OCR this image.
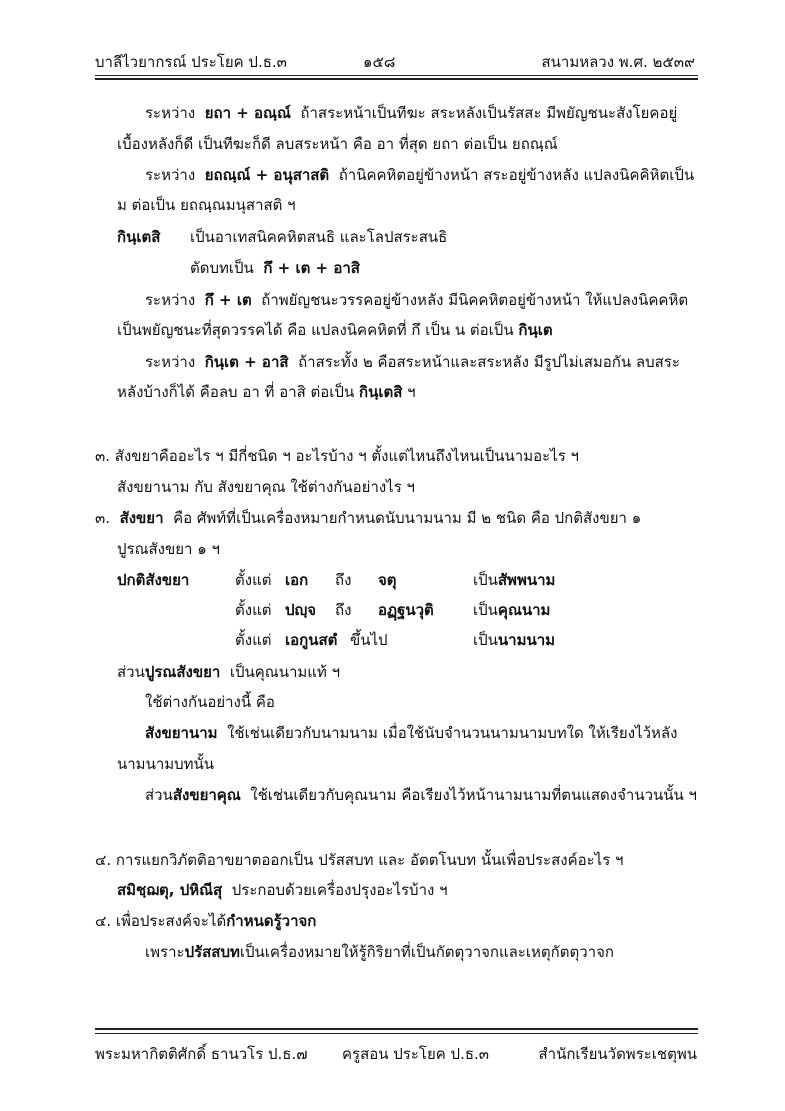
บาลีไวยากรณ์ ประโยค ป.ธ.๓	๑๕๘	สนามหลวง พ.ศ. ๒๕๓๙
ระหว่าง ยถา + อณฺณ์ ถ้าสระหน้าเป็นทีฆะ สระหลังเป็นรัสสะ มีพยัญชนะสังโยคอยู่
เบื้องหลังก็ดี เป็นทีฆะก็ดี ลบสระหน้า คือ อา ที่สุด ยถา ต่อเป็น ยถณฺณ์
ระหว่าง ยถณฺณ์ + อนุสาสติ ถ้านิคคหิตอยู่ข้างหน้า สระอยู่ข้างหลัง แปลงนิคคิหิตเป็น
ม ต่อเป็น ยถณฺณมนุสาสติ ฯ
กินฺเตสิ เป็นอาเทสนิคคหิตสนธิ และโลปสระสนธิ
ตัดบทเป็น กึ + เต + อาสิ
ระหว่าง กึ + เต ถ้าพยัญชนะวรรคอยู่ข้างหลัง มีนิคคหิตอยู่ข้างหน้า ให้แปลงนิคคหิต
เป็นพยัญชนะที่สุดวรรคได้ คือ แปลงนิคคหิตที่ กึ เป็น น ต่อเป็น กินฺเต
ระหว่าง กินฺเต + อาสิ ถ้าสระทั้ง ๒ คือสระหน้าและสระหลัง มีรูปไม่เสมอกัน ลบสระ
หลังบ้างก็ได้ คือลบ อา ที่ อาสิ ต่อเป็น กินฺเตสิ ฯ
๓. สังขยาคืออะไร ฯ มีกี่ชนิด ฯ อะไรบ้าง ฯ ตั้งแต่ไหนถึงไหนเป็นนามอะไร ฯ
สังขยานาม กับ สังขยาคุณ ใช้ต่างกันอย่างไร ฯ
๓. สังขยา คือ ศัพท์ที่เป็นเครื่องหมายกำหนดนับนามนาม มี ๒ ชนิด คือ ปกติสังขยา ๑
ปูรณสังขยา ๑ ฯ
ปกติสังขยา	ตั้งแต่ เอก ถึง จตุ	เป็นสัพพนาม
ตั้งแต่ ปญฺจ ถึง อฏฺฐนวุติ	เป็นคุณนาม
ตั้งแต่ เอกูนสตํ ขึ้นไป	เป็นนามนาม
ส่วนปูรณสังขยา เป็นคุณนามแท้ ฯ
ใช้ต่างกันอย่างนี้ คือ
สังขยานาม ใช้เช่นเดียวกับนามนาม เมื่อใช้นับจำนวนนามนามบทใด ให้เรียงไว้หลัง
นามนามบทนั้น
ส่วนสังขยาคุณ ใช้เช่นเดียวกับคุณนาม คือเรียงไว้หน้านามนามที่ตนแสดงจำนวนนั้น ฯ
๔. การแยกวิภัตติอาขยาตออกเป็น ปรัสสบท และ อัตตโนบท นั้นเพื่อประสงค์อะไร ฯ
สมิชฺฌตุ, ปหิณีสุ ประกอบด้วยเครื่องปรุงอะไรบ้าง ฯ
๔. เพื่อประสงค์จะได้กำหนดรู้วาจก
เพราะปรัสสบทเป็นเครื่องหมายให้รู้กิริยาที่เป็นกัตตุวาจกและเหตุกัตตุวาจก
พระมหากิตติศักดิ์ ธานวโร ป.ธ.๗ ครูสอน ประโยค ป.ธ.๓	สำนักเรียนวัดพระเชตุพน
